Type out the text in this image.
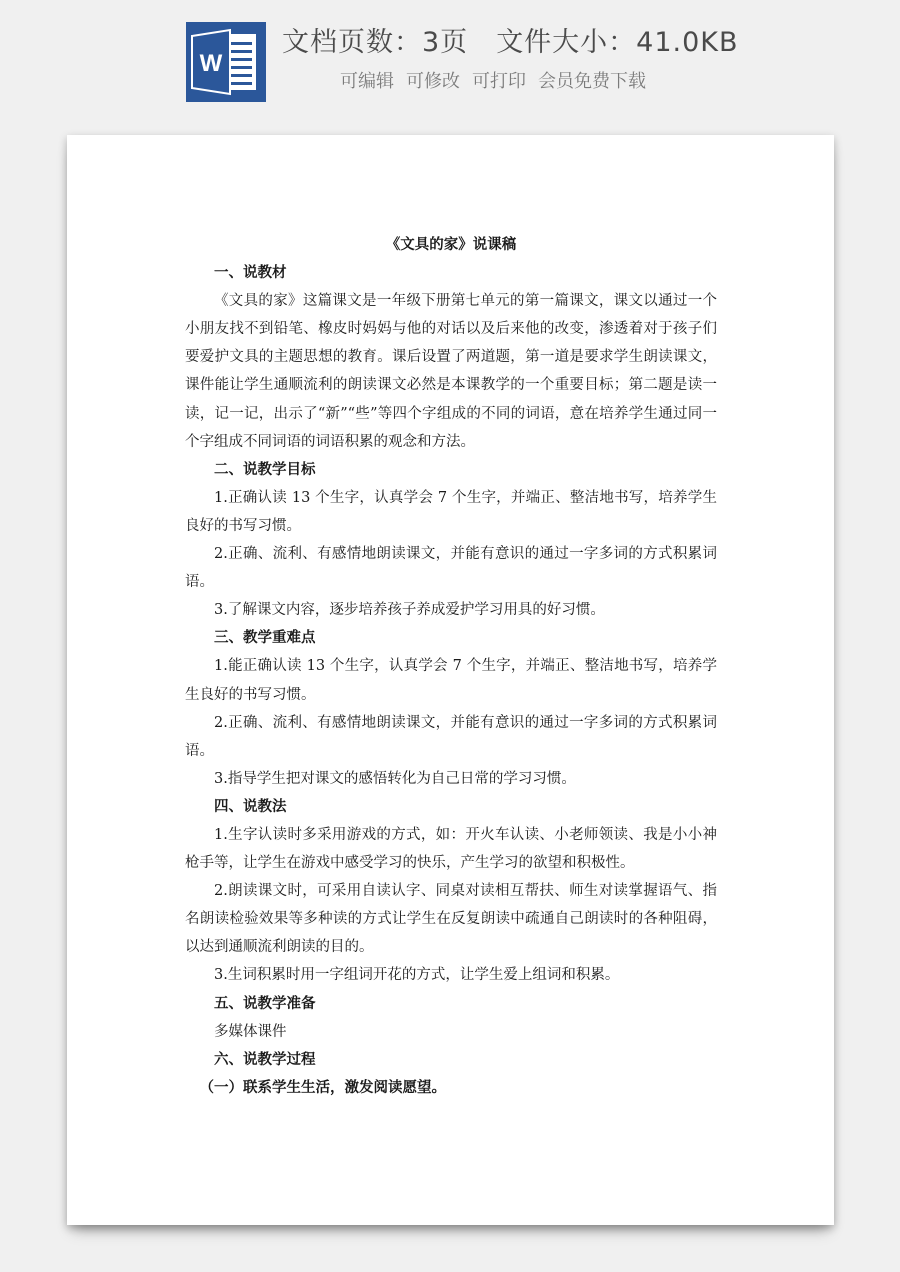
W
文档页数：3页 文件大小：41.0KB
可编辑 可修改 可打印 会员免费下载
《文具的家》说课稿

一、说教材

《文具的家》这篇课文是一年级下册第七单元的第一篇课文，课文以通过一个小朋友找不到铅笔、橡皮时妈妈与他的对话以及后来他的改变，渗透着对于孩子们要爱护文具的主题思想的教育。课后设置了两道题，第一道是要求学生朗读课文，课件能让学生通顺流利的朗读课文必然是本课教学的一个重要目标；第二题是读一读，记一记，出示了“新”“些”等四个字组成的不同的词语，意在培养学生通过同一个字组成不同词语的词语积累的观念和方法。

二、说教学目标

1.正确认读 13 个生字，认真学会 7 个生字，并端正、整洁地书写，培养学生良好的书写习惯。

2.正确、流利、有感情地朗读课文，并能有意识的通过一字多词的方式积累词语。

3.了解课文内容，逐步培养孩子养成爱护学习用具的好习惯。

三、教学重难点

1.能正确认读 13 个生字，认真学会 7 个生字，并端正、整洁地书写，培养学生良好的书写习惯。

2.正确、流利、有感情地朗读课文，并能有意识的通过一字多词的方式积累词语。

3.指导学生把对课文的感悟转化为自己日常的学习习惯。

四、说教法

1.生字认读时多采用游戏的方式，如：开火车认读、小老师领读、我是小小神枪手等，让学生在游戏中感受学习的快乐，产生学习的欲望和积极性。

2.朗读课文时，可采用自读认字、同桌对读相互帮扶、师生对读掌握语气、指名朗读检验效果等多种读的方式让学生在反复朗读中疏通自己朗读时的各种阻碍，以达到通顺流利朗读的目的。

3.生词积累时用一字组词开花的方式，让学生爱上组词和积累。

五、说教学准备

多媒体课件

六、说教学过程

（一）联系学生生活，激发阅读愿望。
